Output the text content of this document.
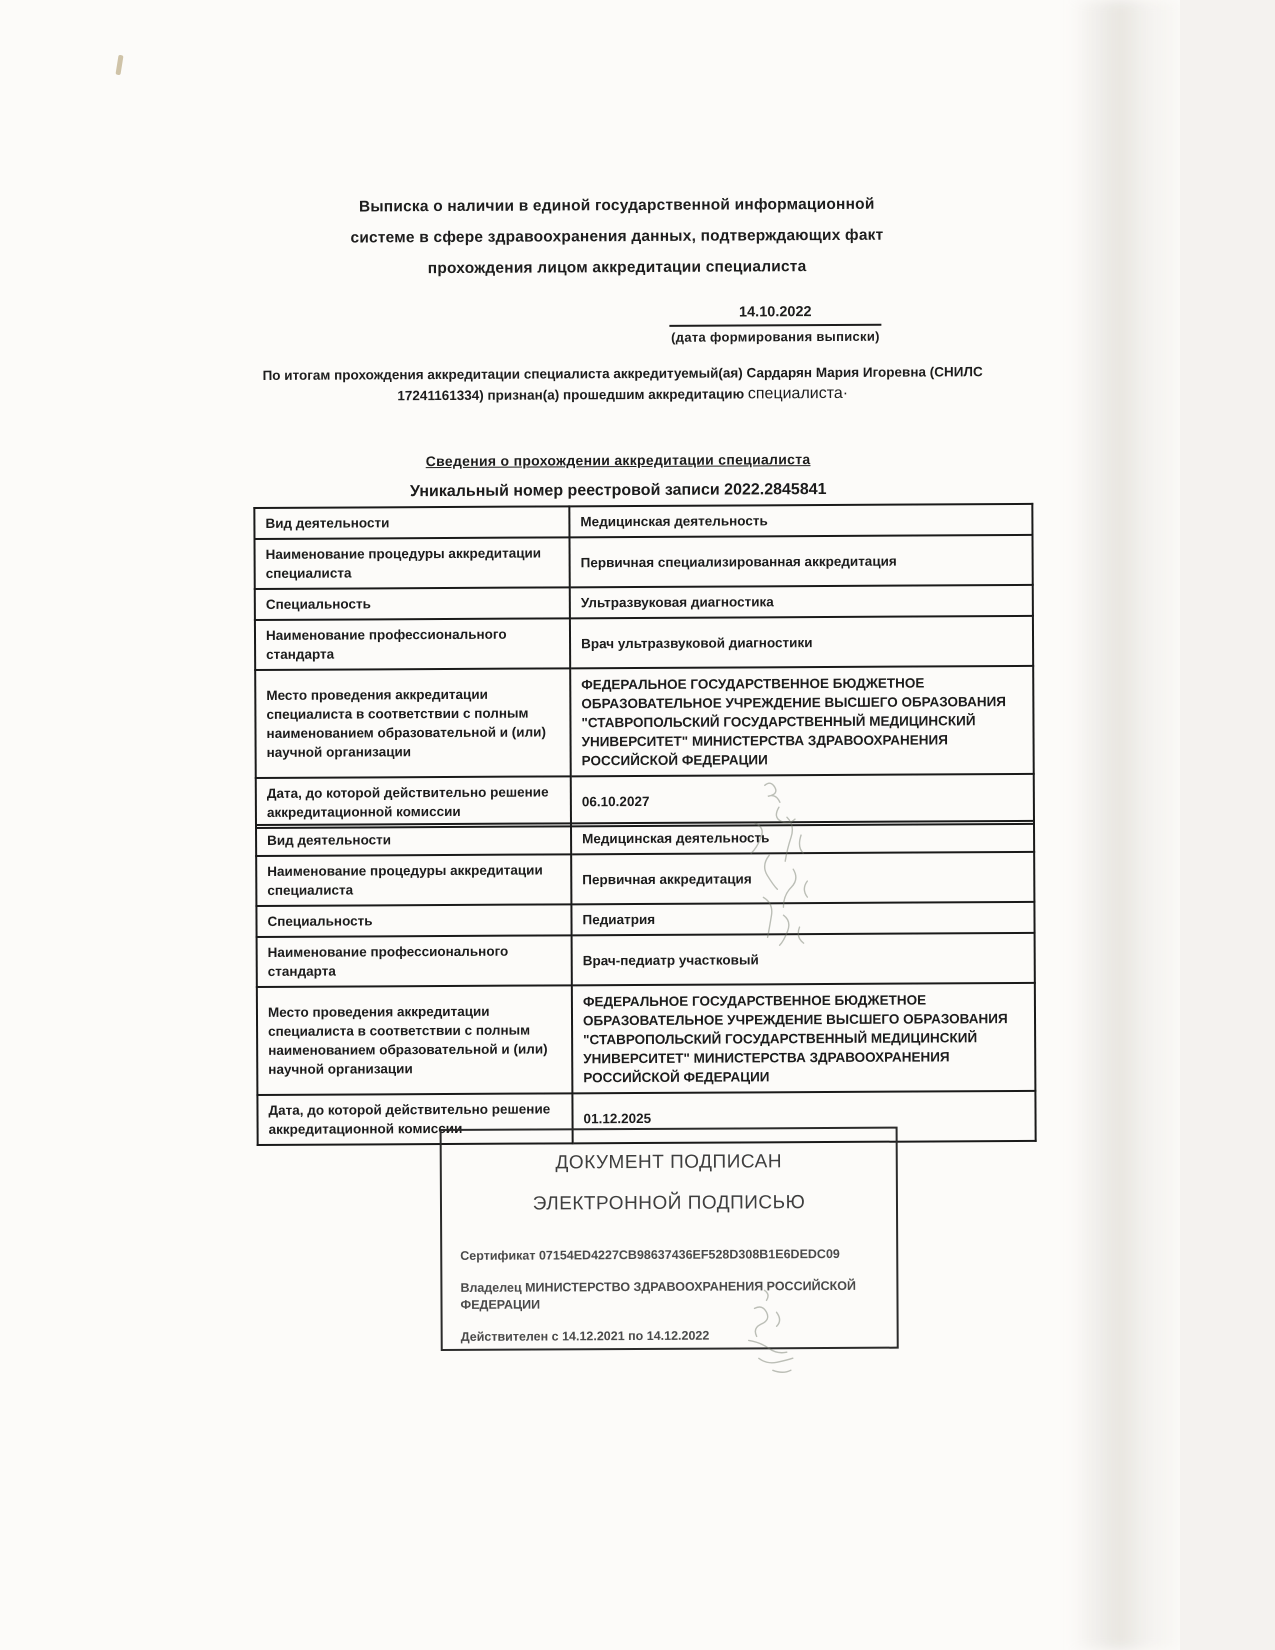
Выписка о наличии в единой государственной информационной
системе в сфере здравоохранения данных, подтверждающих факт
прохождения лицом аккредитации специалиста
14.10.2022
(дата формирования выписки)
По итогам прохождения аккредитации специалиста аккредитуемый(ая) Сардарян Мария Игоревна (СНИЛС 17241161334) признан(а) прошедшим аккредитацию специалиста·
Сведения о прохождении аккредитации специалиста
Уникальный номер реестровой записи 2022.2845841
Вид деятельности	Медицинская деятельность
Наименование процедуры аккредитации специалиста	Первичная специализированная аккредитация
Специальность	Ультразвуковая диагностика
Наименование профессионального стандарта	Врач ультразвуковой диагностики
Место проведения аккредитации специалиста в соответствии с полным наименованием образовательной и (или) научной организации	ФЕДЕРАЛЬНОЕ ГОСУДАРСТВЕННОЕ БЮДЖЕТНОЕ ОБРАЗОВАТЕЛЬНОЕ УЧРЕЖДЕНИЕ ВЫСШЕГО ОБРАЗОВАНИЯ "СТАВРОПОЛЬСКИЙ ГОСУДАРСТВЕННЫЙ МЕДИЦИНСКИЙ УНИВЕРСИТЕТ" МИНИСТЕРСТВА ЗДРАВООХРАНЕНИЯ РОССИЙСКОЙ ФЕДЕРАЦИИ
Дата, до которой действительно решение аккредитационной комиссии	06.10.2027
Вид деятельности	Медицинская деятельность
Наименование процедуры аккредитации специалиста	Первичная аккредитация
Специальность	Педиатрия
Наименование профессионального стандарта	Врач-педиатр участковый
Место проведения аккредитации специалиста в соответствии с полным наименованием образовательной и (или) научной организации	ФЕДЕРАЛЬНОЕ ГОСУДАРСТВЕННОЕ БЮДЖЕТНОЕ ОБРАЗОВАТЕЛЬНОЕ УЧРЕЖДЕНИЕ ВЫСШЕГО ОБРАЗОВАНИЯ "СТАВРОПОЛЬСКИЙ ГОСУДАРСТВЕННЫЙ МЕДИЦИНСКИЙ УНИВЕРСИТЕТ" МИНИСТЕРСТВА ЗДРАВООХРАНЕНИЯ РОССИЙСКОЙ ФЕДЕРАЦИИ
Дата, до которой действительно решение аккредитационной комиссии	01.12.2025
ДОКУМЕНТ ПОДПИСАН
ЭЛЕКТРОННОЙ ПОДПИСЬЮ
Сертификат 07154ED4227CB98637436EF528D308B1E6DEDC09
Владелец МИНИСТЕРСТВО ЗДРАВООХРАНЕНИЯ РОССИЙСКОЙ ФЕДЕРАЦИИ
Действителен с 14.12.2021 по 14.12.2022
